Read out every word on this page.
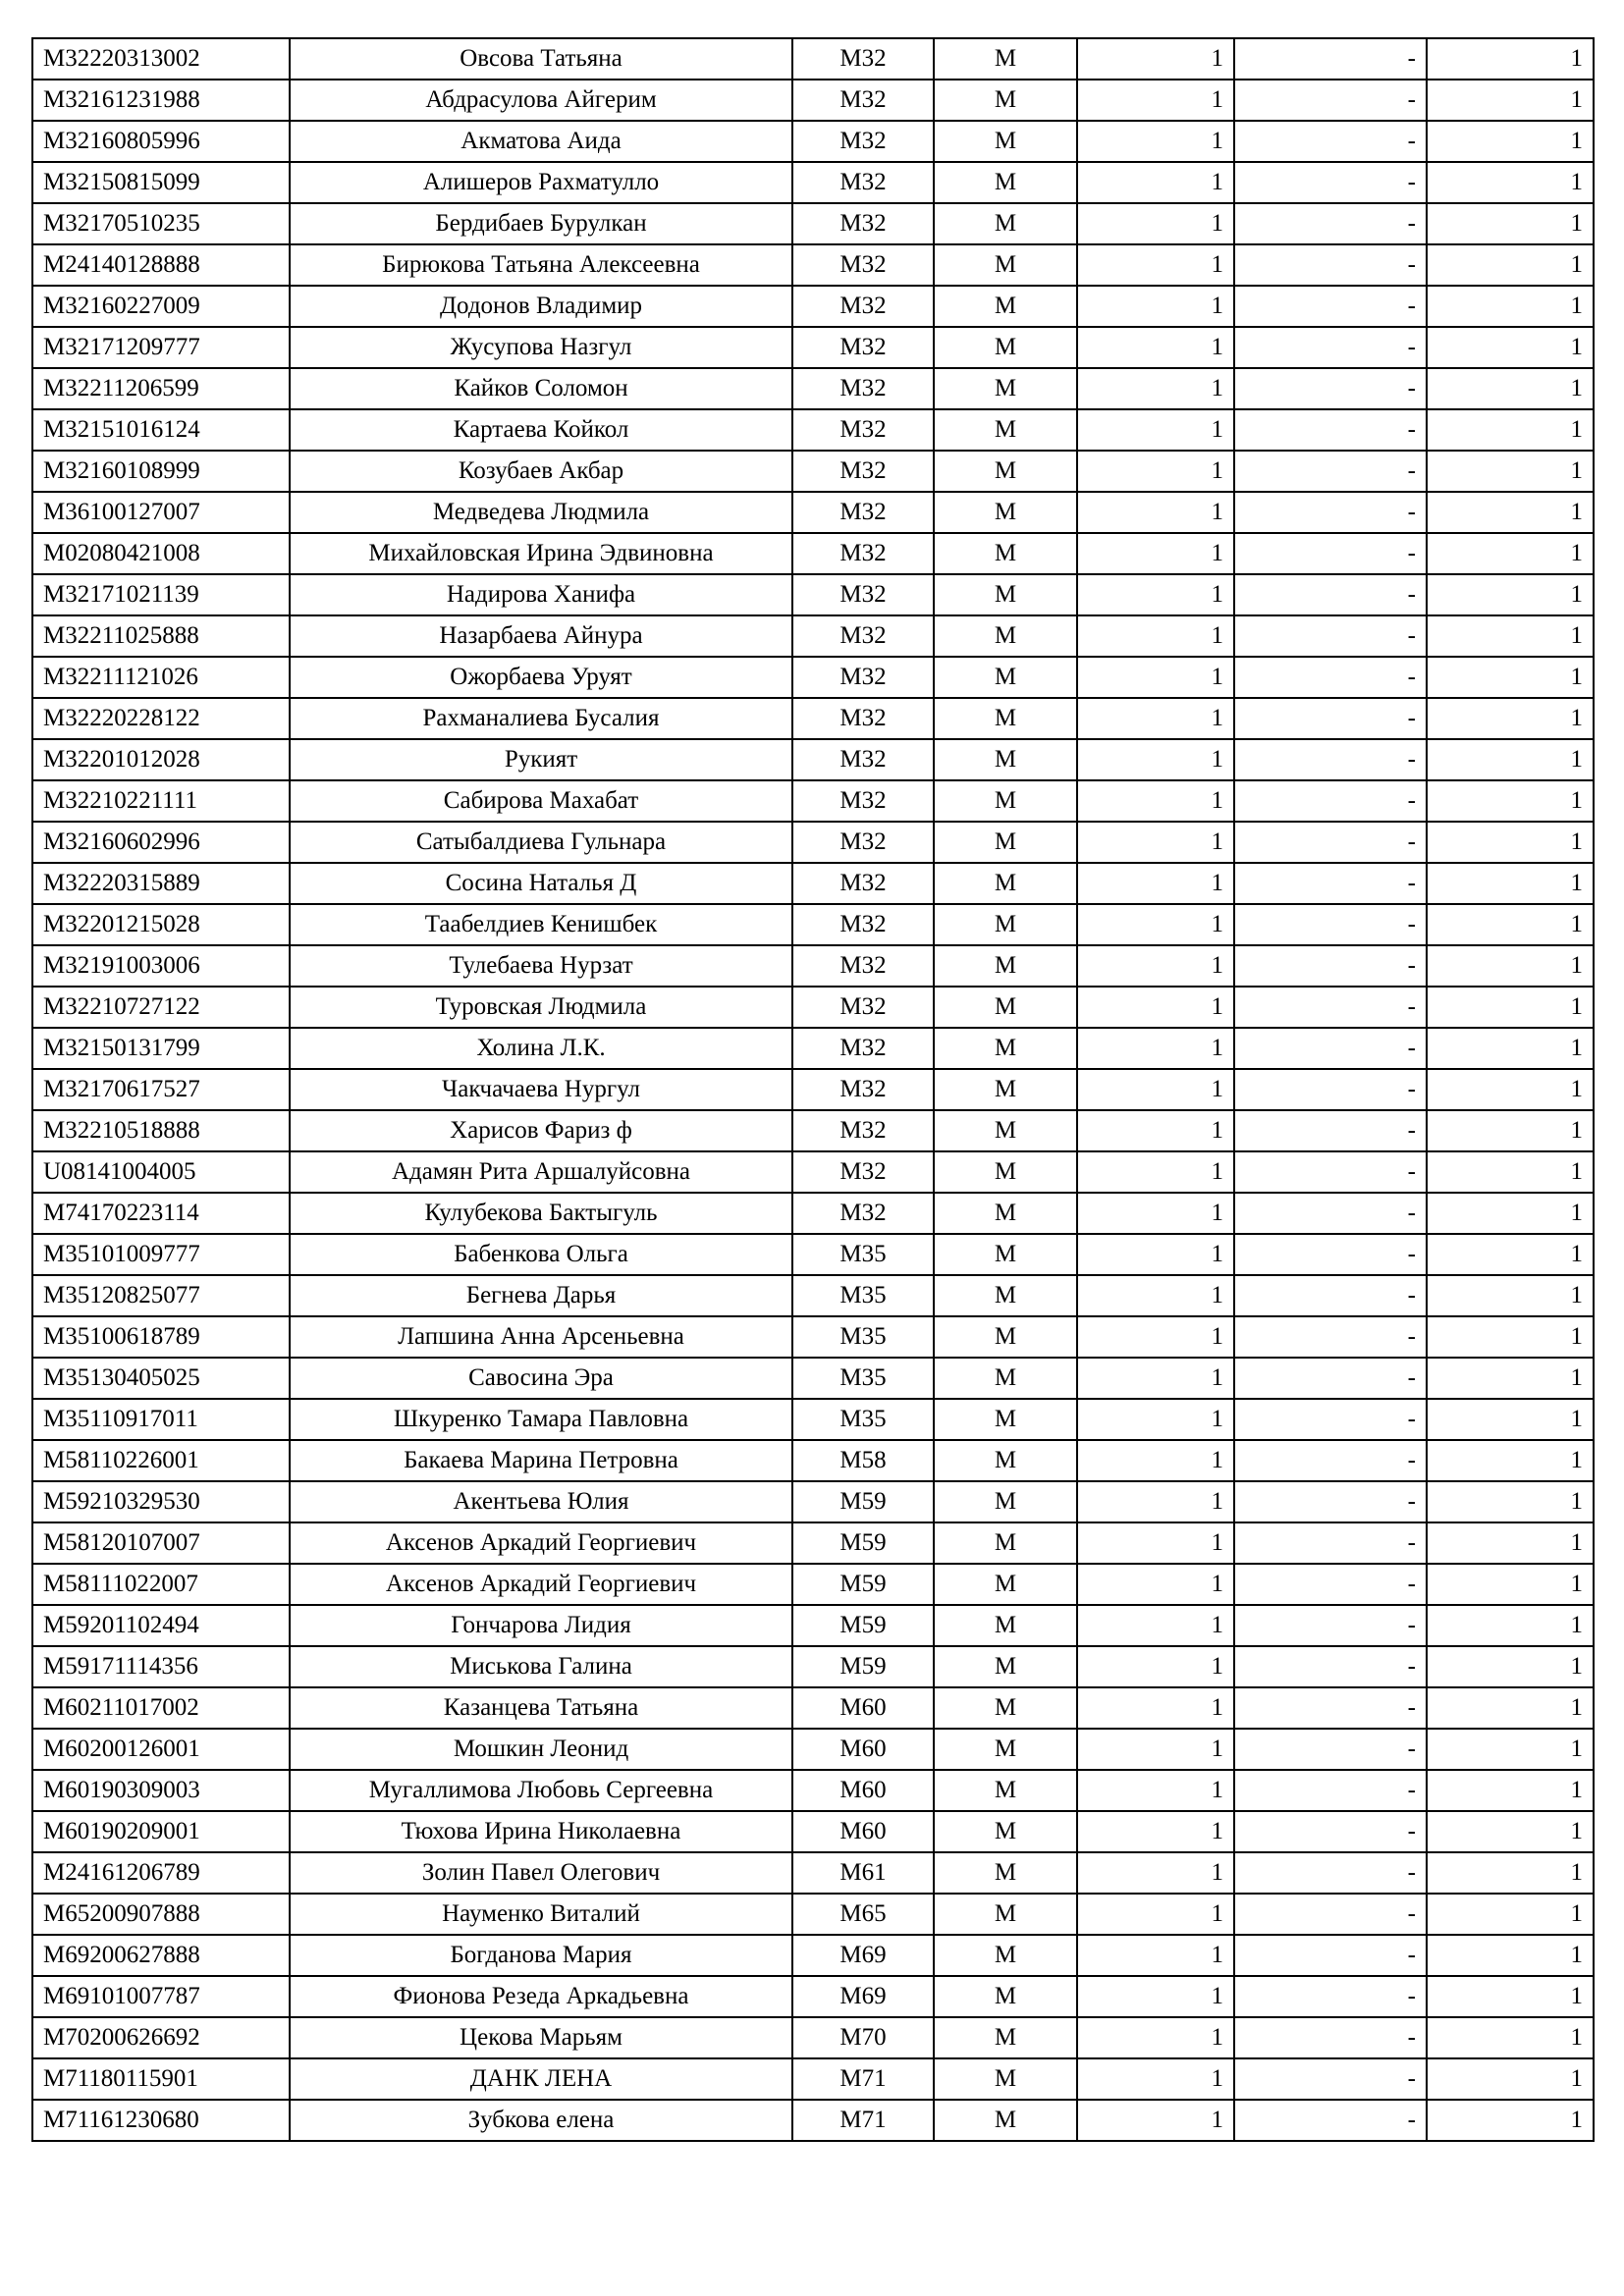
M32220313002	Овсова Татьяна	M32	M	1	-	1
M32161231988	Абдрасулова Айгерим	M32	M	1	-	1
M32160805996	Акматова Аида	M32	M	1	-	1
M32150815099	Алишеров Рахматулло	M32	M	1	-	1
M32170510235	Бердибаев Бурулкан	M32	M	1	-	1
M24140128888	Бирюкова Татьяна Алексеевна	M32	M	1	-	1
M32160227009	Додонов Владимир	M32	M	1	-	1
M32171209777	Жусупова Назгул	M32	M	1	-	1
M32211206599	Кайков Соломон	M32	M	1	-	1
M32151016124	Картаева Койкол	M32	M	1	-	1
M32160108999	Козубаев Акбар	M32	M	1	-	1
M36100127007	Медведева Людмила	M32	M	1	-	1
M02080421008	Михайловская Ирина Эдвиновна	M32	M	1	-	1
M32171021139	Надирова Ханифа	M32	M	1	-	1
M32211025888	Назарбаева Айнура	M32	M	1	-	1
M32211121026	Ожорбаева Уруят	M32	M	1	-	1
M32220228122	Рахманалиева Бусалия	M32	M	1	-	1
M32201012028	Рукият	M32	M	1	-	1
M32210221111	Сабирова Махабат	M32	M	1	-	1
M32160602996	Сатыбалдиева Гульнара	M32	M	1	-	1
M32220315889	Сосина Наталья Д	M32	M	1	-	1
M32201215028	Таабелдиев Кенишбек	M32	M	1	-	1
M32191003006	Тулебаева Нурзат	M32	M	1	-	1
M32210727122	Туровская Людмила	M32	M	1	-	1
M32150131799	Холина Л.К.	M32	M	1	-	1
M32170617527	Чакчачаева Нургул	M32	M	1	-	1
M32210518888	Харисов Фариз ф	M32	M	1	-	1
U08141004005	Адамян Рита Аршалуйсовна	M32	M	1	-	1
M74170223114	Кулубекова Бактыгуль	M32	M	1	-	1
M35101009777	Бабенкова Ольга	M35	M	1	-	1
M35120825077	Бегнева Дарья	M35	M	1	-	1
M35100618789	Лапшина Анна Арсеньевна	M35	M	1	-	1
M35130405025	Савосина Эра	M35	M	1	-	1
M35110917011	Шкуренко Тамара Павловна	M35	M	1	-	1
M58110226001	Бакаева Марина Петровна	M58	M	1	-	1
M59210329530	Акентьева Юлия	M59	M	1	-	1
M58120107007	Аксенов Аркадий Георгиевич	M59	M	1	-	1
M58111022007	Аксенов Аркадий Георгиевич	M59	M	1	-	1
M59201102494	Гончарова Лидия	M59	M	1	-	1
M59171114356	Миськова Галина	M59	M	1	-	1
M60211017002	Казанцева Татьяна	M60	M	1	-	1
M60200126001	Мошкин Леонид	M60	M	1	-	1
M60190309003	Мугаллимова Любовь Сергеевна	M60	M	1	-	1
M60190209001	Тюхова Ирина Николаевна	M60	M	1	-	1
M24161206789	Золин Павел Олегович	M61	M	1	-	1
M65200907888	Науменко Виталий	M65	M	1	-	1
M69200627888	Богданова Мария	M69	M	1	-	1
M69101007787	Фионова Резеда Аркадьевна	M69	M	1	-	1
M70200626692	Цекова Марьям	M70	M	1	-	1
M71180115901	ДАНК ЛЕНА	M71	M	1	-	1
M71161230680	Зубкова елена	M71	M	1	-	1
